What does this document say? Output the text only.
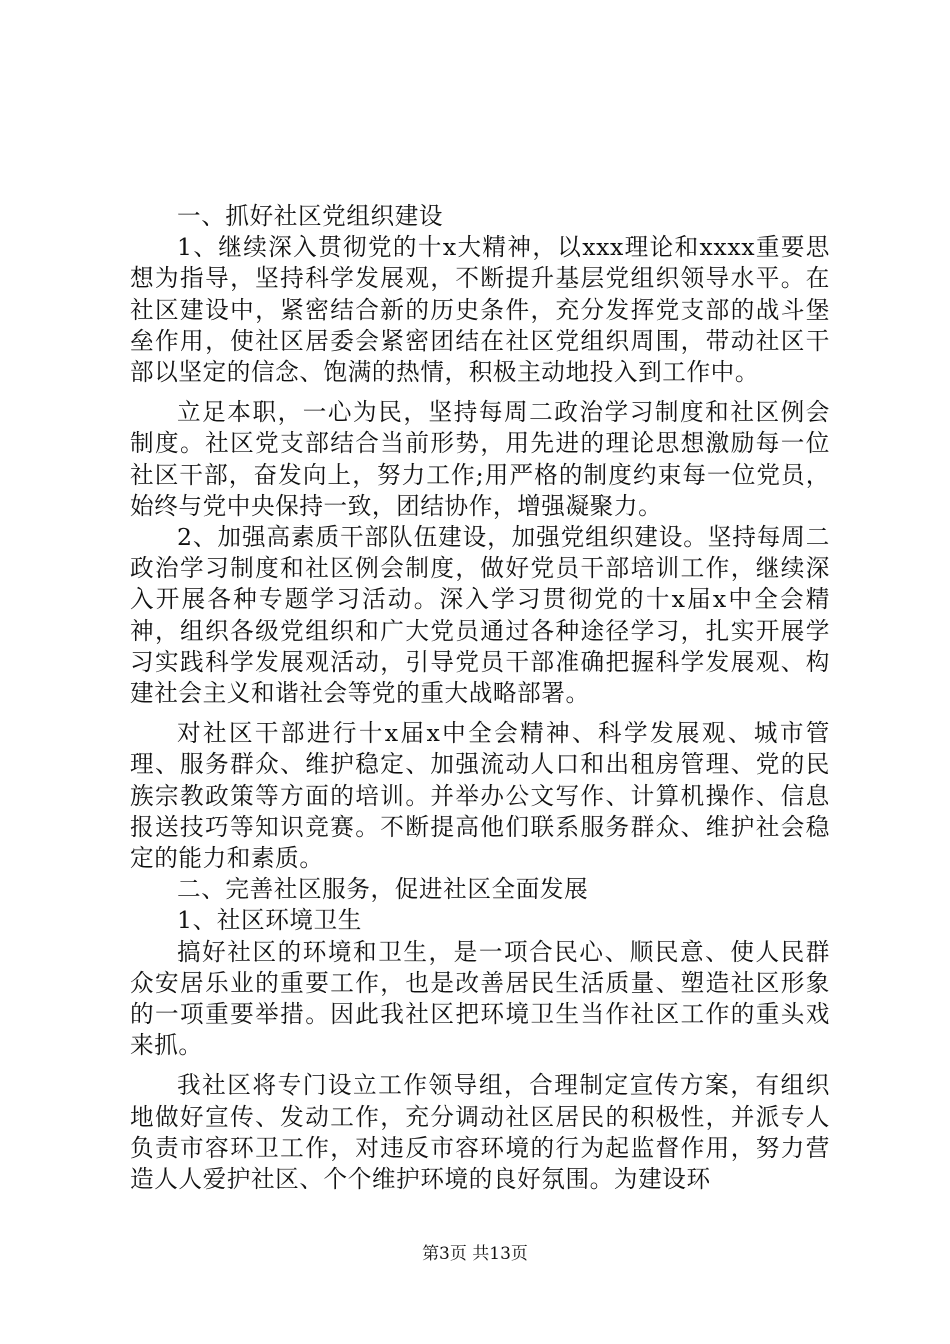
一、抓好社区党组织建设

1、继续深入贯彻党的十x大精神，以xxx理论和xxxx重要思想为指导，坚持科学发展观，不断提升基层党组织领导水平。在社区建设中，紧密结合新的历史条件，充分发挥党支部的战斗堡垒作用，使社区居委会紧密团结在社区党组织周围，带动社区干部以坚定的信念、饱满的热情，积极主动地投入到工作中。

立足本职，一心为民，坚持每周二政治学习制度和社区例会制度。社区党支部结合当前形势，用先进的理论思想激励每一位社区干部，奋发向上，努力工作;用严格的制度约束每一位党员，始终与党中央保持一致，团结协作，增强凝聚力。

2、加强高素质干部队伍建设，加强党组织建设。坚持每周二政治学习制度和社区例会制度，做好党员干部培训工作，继续深入开展各种专题学习活动。深入学习贯彻党的十x届x中全会精神，组织各级党组织和广大党员通过各种途径学习，扎实开展学习实践科学发展观活动，引导党员干部准确把握科学发展观、构建社会主义和谐社会等党的重大战略部署。

对社区干部进行十x届x中全会精神、科学发展观、城市管理、服务群众、维护稳定、加强流动人口和出租房管理、党的民族宗教政策等方面的培训。并举办公文写作、计算机操作、信息报送技巧等知识竞赛。不断提高他们联系服务群众、维护社会稳定的能力和素质。

二、完善社区服务，促进社区全面发展

1、社区环境卫生

搞好社区的环境和卫生，是一项合民心、顺民意、使人民群众安居乐业的重要工作，也是改善居民生活质量、塑造社区形象的一项重要举措。因此我社区把环境卫生当作社区工作的重头戏来抓。

我社区将专门设立工作领导组，合理制定宣传方案，有组织地做好宣传、发动工作，充分调动社区居民的积极性，并派专人负责市容环卫工作，对违反市容环境的行为起监督作用，努力营造人人爱护社区、个个维护环境的良好氛围。为建设环

第3页 共13页
